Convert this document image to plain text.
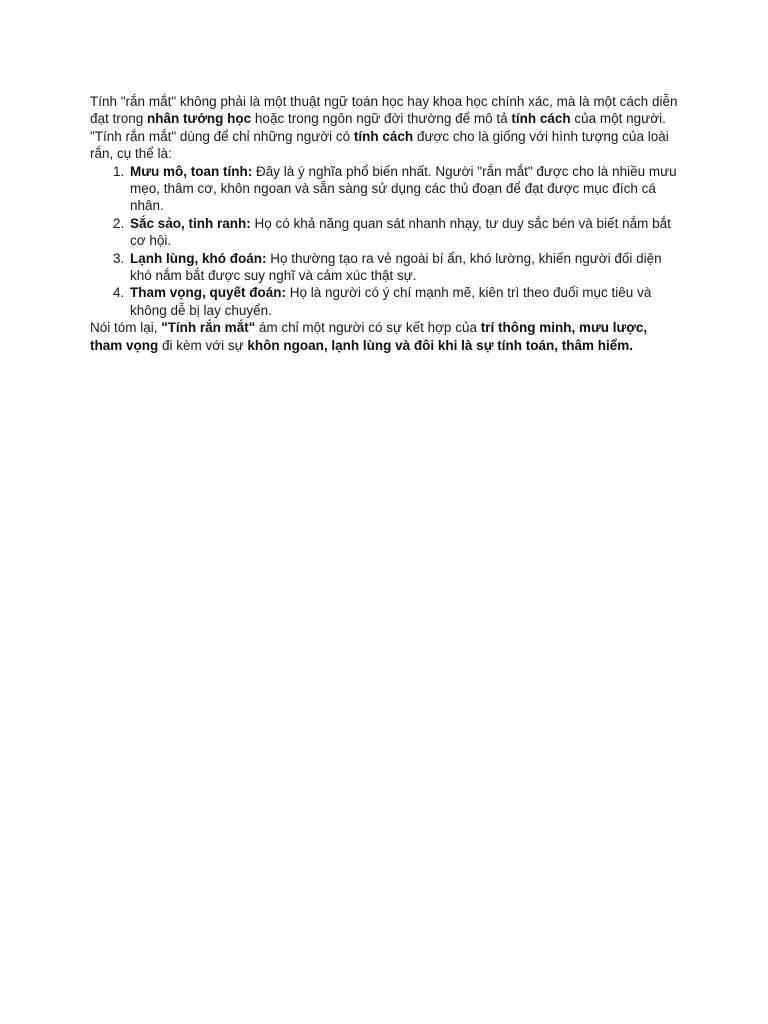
Tính "rắn mắt" không phải là một thuật ngữ toán học hay khoa học chính xác, mà là một cách diễn đạt trong nhân tướng học hoặc trong ngôn ngữ đời thường để mô tả tính cách của một người.

"Tính rắn mắt" dùng để chỉ những người có tính cách được cho là giống với hình tượng của loài rắn, cụ thể là:

1. Mưu mô, toan tính: Đây là ý nghĩa phổ biến nhất. Người "rắn mắt" được cho là nhiều mưu mẹo, thâm cơ, khôn ngoan và sẵn sàng sử dụng các thủ đoạn để đạt được mục đích cá nhân.
2. Sắc sảo, tinh ranh: Họ có khả năng quan sát nhanh nhạy, tư duy sắc bén và biết nắm bắt cơ hội.
3. Lạnh lùng, khó đoán: Họ thường tạo ra vẻ ngoài bí ẩn, khó lường, khiến người đối diện khó nắm bắt được suy nghĩ và cảm xúc thật sự.
4. Tham vọng, quyết đoán: Họ là người có ý chí mạnh mẽ, kiên trì theo đuổi mục tiêu và không dễ bị lay chuyển.

Nói tóm lại, "Tính rắn mắt" ám chỉ một người có sự kết hợp của trí thông minh, mưu lược, tham vọng đi kèm với sự khôn ngoan, lạnh lùng và đôi khi là sự tính toán, thâm hiểm.
